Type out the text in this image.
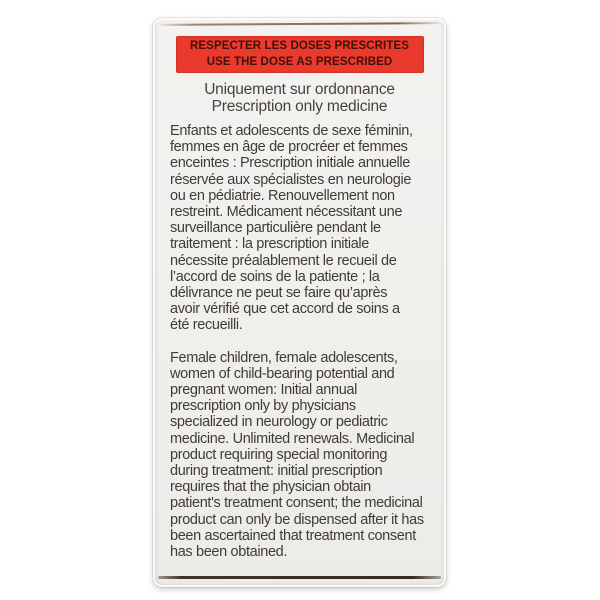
RESPECTER LES DOSES PRESCRITES
USE THE DOSE AS PRESCRIBED
Uniquement sur ordonnance
Prescription only medicine
Enfants et adolescents de sexe féminin,
femmes en âge de procréer et femmes
enceintes : Prescription initiale annuelle
réservée aux spécialistes en neurologie
ou en pédiatrie. Renouvellement non
restreint. Médicament nécessitant une
surveillance particulière pendant le
traitement : la prescription initiale
nécessite préalablement le recueil de
l’accord de soins de la patiente ; la
délivrance ne peut se faire qu’après
avoir vérifié que cet accord de soins a
été recueilli.
Female children, female adolescents,
women of child-bearing potential and
pregnant women: Initial annual
prescription only by physicians
specialized in neurology or pediatric
medicine. Unlimited renewals. Medicinal
product requiring special monitoring
during treatment: initial prescription
requires that the physician obtain
patient's treatment consent; the medicinal
product can only be dispensed after it has
been ascertained that treatment consent
has been obtained.
